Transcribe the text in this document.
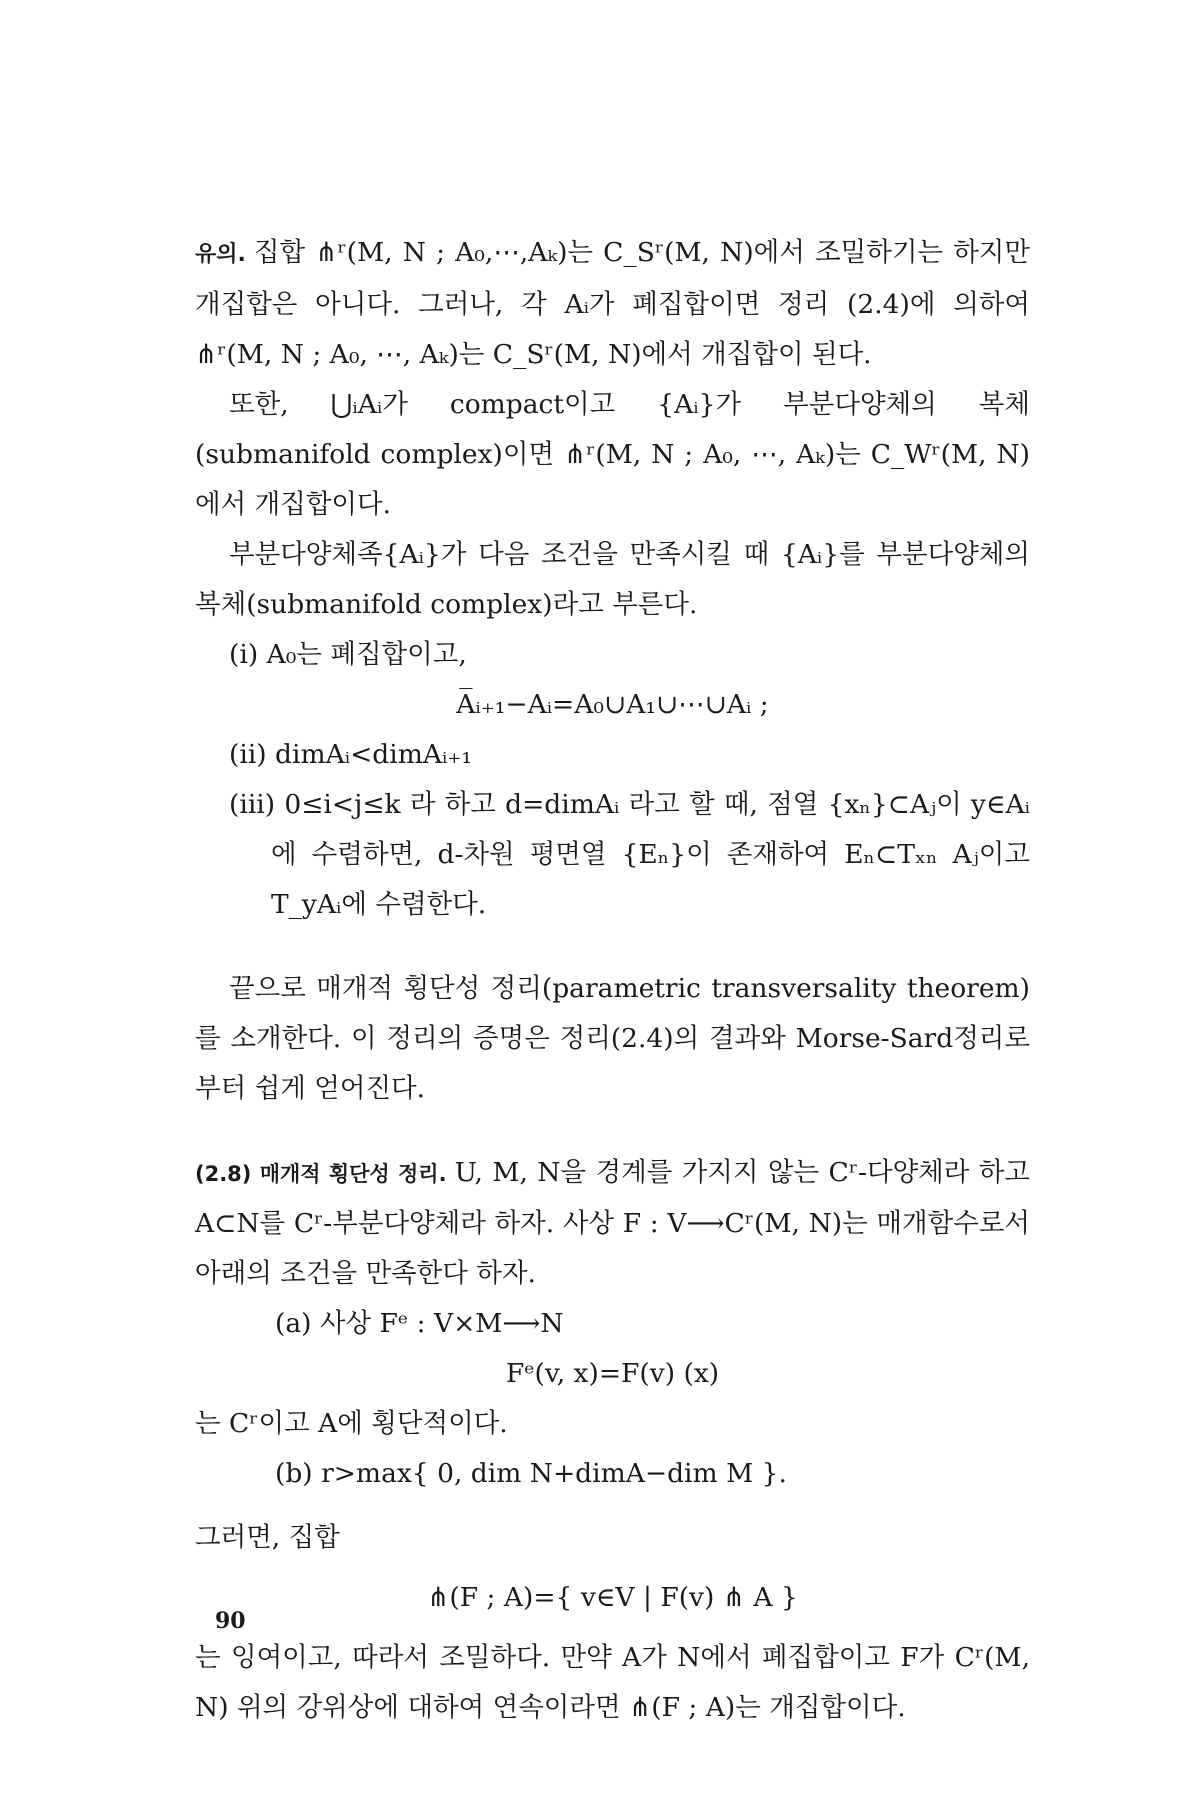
유의. 집합 ⋔ʳ(M, N ; A₀,⋯,Aₖ)는 C_Sʳ(M, N)에서 조밀하기는 하지만 개집합은 아니다. 그러나, 각 Aᵢ가 폐집합이면 정리 (2.4)에 의하여 ⋔ʳ(M, N ; A₀, ⋯, Aₖ)는 C_Sʳ(M, N)에서 개집합이 된다.

또한, ⋃ᵢAᵢ가 compact이고 {Aᵢ}가 부분다양체의 복체(submanifold complex)이면 ⋔ʳ(M, N ; A₀, ⋯, Aₖ)는 C_Wʳ(M, N)에서 개집합이다.

부분다양체족{Aᵢ}가 다음 조건을 만족시킬 때 {Aᵢ}를 부분다양체의 복체(submanifold complex)라고 부른다.

(i) A₀는 폐집합이고,

A̅ᵢ₊₁−Aᵢ=A₀∪A₁∪⋯∪Aᵢ ;

(ii) dimAᵢ<dimAᵢ₊₁

(iii) 0≤i<j≤k 라 하고 d=dimAᵢ 라고 할 때, 점열 {xₙ}⊂Aⱼ이 y∈Aᵢ에 수렴하면, d-차원 평면열 {Eₙ}이 존재하여 Eₙ⊂Tₓₙ Aⱼ이고 T_yAᵢ에 수렴한다.

끝으로 매개적 횡단성 정리(parametric transversality theorem)를 소개한다. 이 정리의 증명은 정리(2.4)의 결과와 Morse-Sard정리로부터 쉽게 얻어진다.

(2.8) 매개적 횡단성 정리. U, M, N을 경계를 가지지 않는 Cʳ-다양체라 하고 A⊂N를 Cʳ-부분다양체라 하자. 사상 F : V⟶Cʳ(M, N)는 매개함수로서 아래의 조건을 만족한다 하자.

(a) 사상 Fᵉ : V×M⟶N

Fᵉ(v, x)=F(v) (x)

는 Cʳ이고 A에 횡단적이다.

(b) r>max{ 0, dim N+dimA−dim M }.

그러면, 집합

⋔(F ; A)={ v∈V | F(v) ⋔ A }

는 잉여이고, 따라서 조밀하다. 만약 A가 N에서 폐집합이고 F가 Cʳ(M, N) 위의 강위상에 대하여 연속이라면 ⋔(F ; A)는 개집합이다.

90
